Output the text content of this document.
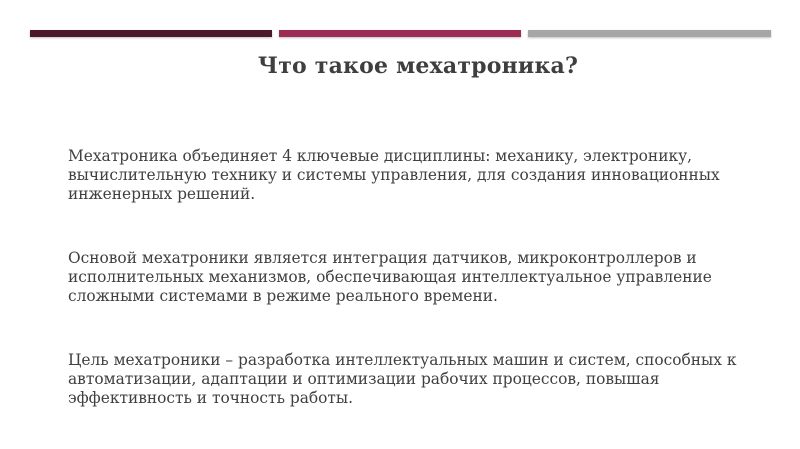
Что такое мехатроника?

Мехатроника объединяет 4 ключевые дисциплины: механику, электронику, вычислительную технику и системы управления, для создания инновационных инженерных решений.

Основой мехатроники является интеграция датчиков, микроконтроллеров и исполнительных механизмов, обеспечивающая интеллектуальное управление сложными системами в режиме реального времени.

Цель мехатроники – разработка интеллектуальных машин и систем, способных к автоматизации, адаптации и оптимизации рабочих процессов, повышая эффективность и точность работы.
